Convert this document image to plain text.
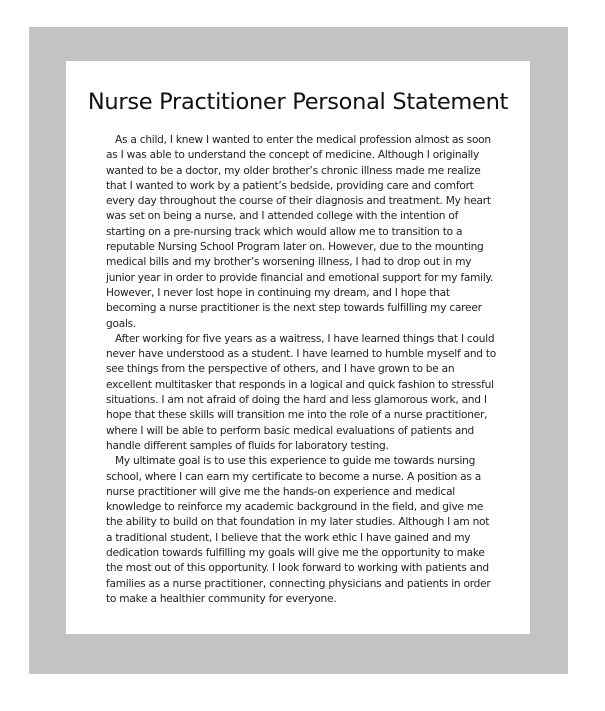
Nurse Practitioner Personal Statement

As a child, I knew I wanted to enter the medical profession almost as soon as I was able to understand the concept of medicine. Although I originally wanted to be a doctor, my older brother’s chronic illness made me realize that I wanted to work by a patient’s bedside, providing care and comfort every day throughout the course of their diagnosis and treatment. My heart was set on being a nurse, and I attended college with the intention of starting on a pre-nursing track which would allow me to transition to a reputable Nursing School Program later on. However, due to the mounting medical bills and my brother’s worsening illness, I had to drop out in my junior year in order to provide financial and emotional support for my family. However, I never lost hope in continuing my dream, and I hope that becoming a nurse practitioner is the next step towards fulfilling my career goals.

After working for five years as a waitress, I have learned things that I could never have understood as a student. I have learned to humble myself and to see things from the perspective of others, and I have grown to be an excellent multitasker that responds in a logical and quick fashion to stressful situations. I am not afraid of doing the hard and less glamorous work, and I hope that these skills will transition me into the role of a nurse practitioner, where I will be able to perform basic medical evaluations of patients and handle different samples of fluids for laboratory testing.

My ultimate goal is to use this experience to guide me towards nursing school, where I can earn my certificate to become a nurse. A position as a nurse practitioner will give me the hands-on experience and medical knowledge to reinforce my academic background in the field, and give me the ability to build on that foundation in my later studies. Although I am not a traditional student, I believe that the work ethic I have gained and my dedication towards fulfilling my goals will give me the opportunity to make the most out of this opportunity. I look forward to working with patients and families as a nurse practitioner, connecting physicians and patients in order to make a healthier community for everyone.
